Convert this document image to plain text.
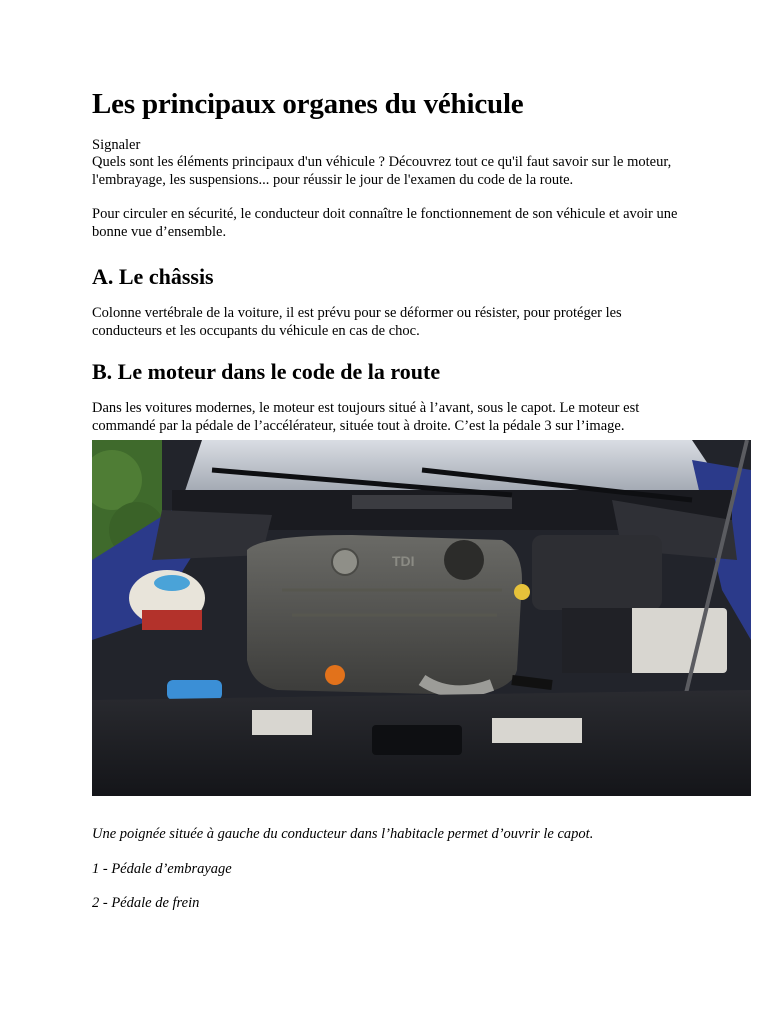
Les principaux organes du véhicule
Signaler

Quels sont les éléments principaux d'un véhicule ? Découvrez tout ce qu'il faut savoir sur le moteur, l'embrayage, les suspensions... pour réussir le jour de l'examen du code de la route.

Pour circuler en sécurité, le conducteur doit connaître le fonctionnement de son véhicule et avoir une bonne vue d’ensemble.

A. Le châssis

Colonne vertébrale de la voiture, il est prévu pour se déformer ou résister, pour protéger les conducteurs et les occupants du véhicule en cas de choc.

B. Le moteur dans le code de la route

Dans les voitures modernes, le moteur est toujours situé à l’avant, sous le capot. Le moteur est commandé par la pédale de l’accélérateur, située tout à droite. C’est la pédale 3 sur l’image.

TDI

Une poignée située à gauche du conducteur dans l’habitacle permet d’ouvrir le capot.

1 - Pédale d’embrayage

2 - Pédale de frein
